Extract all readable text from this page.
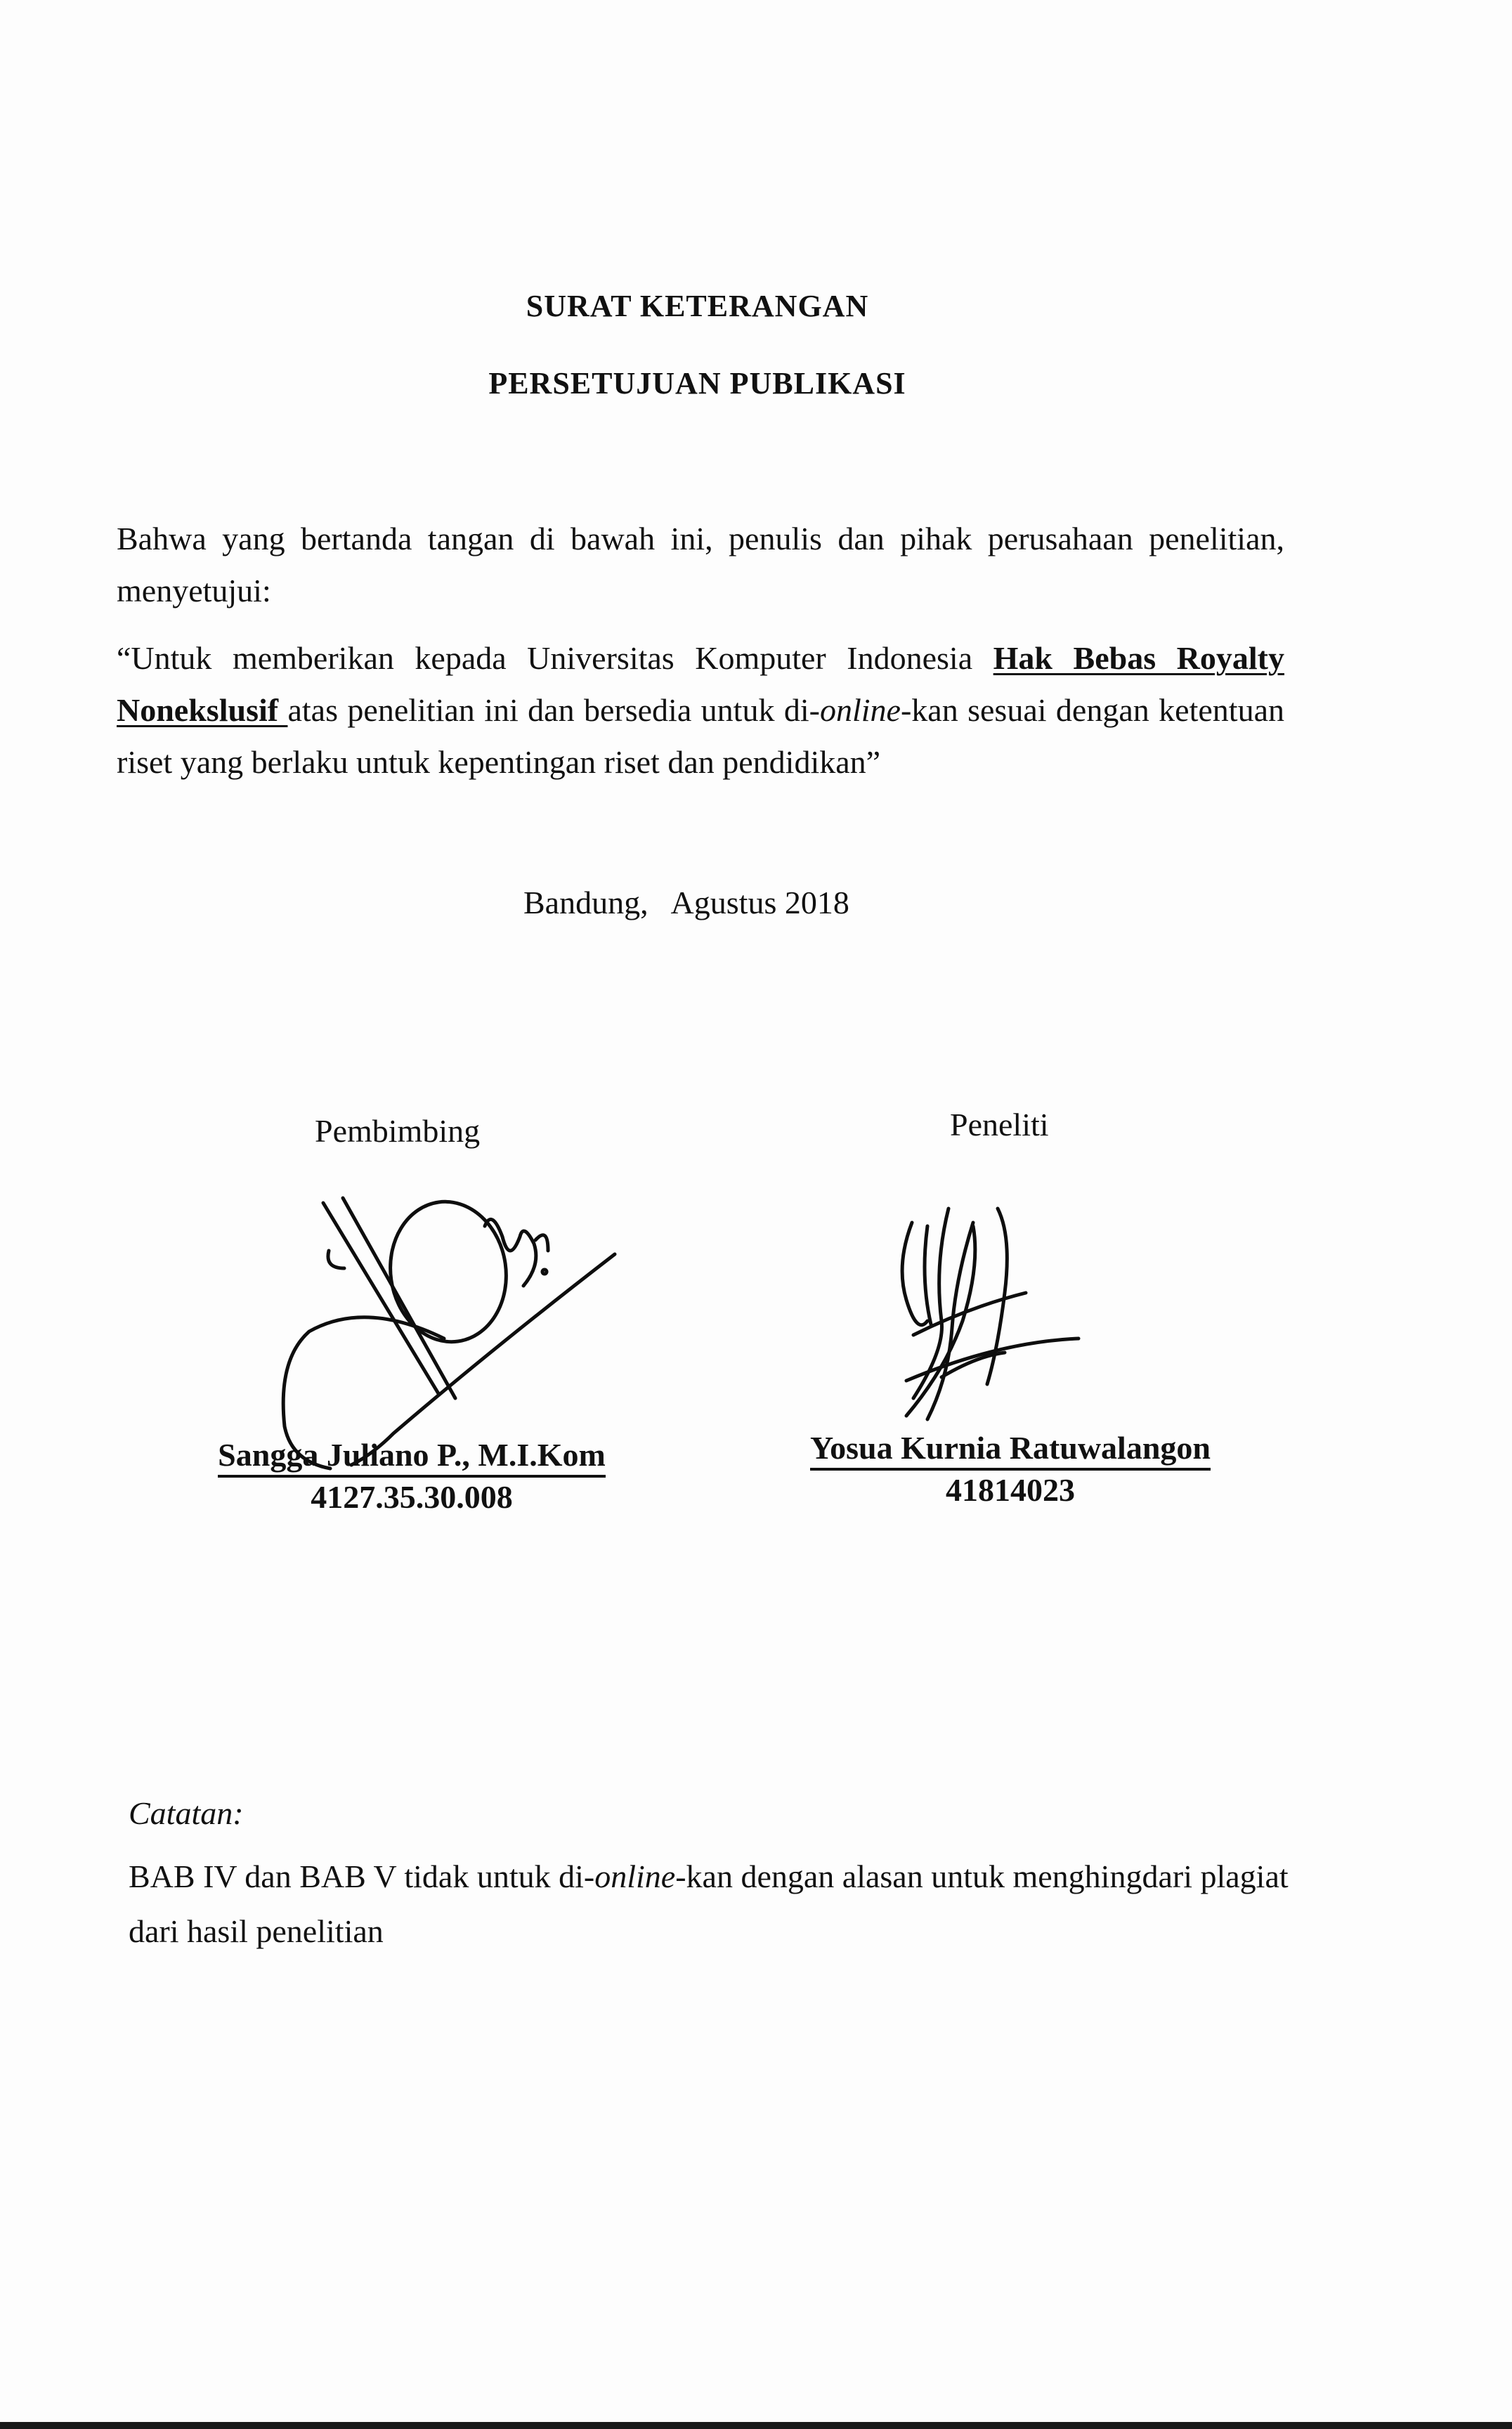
SURAT KETERANGAN

PERSETUJUAN PUBLIKASI

Bahwa yang bertanda tangan di bawah ini, penulis dan pihak perusahaan penelitian, menyetujui:

“Untuk memberikan kepada Universitas Komputer Indonesia Hak Bebas Royalty Nonekslusif atas penelitian ini dan bersedia untuk di-online-kan sesuai dengan ketentuan riset yang berlaku untuk kepentingan riset dan pendidikan”

Bandung,   Agustus 2018
Pembimbing	Peneliti
Sangga Juliano P., M.I.Kom
4127.35.30.008
Yosua Kurnia Ratuwalangon
41814023
Catatan:

BAB IV dan BAB V tidak untuk di-online-kan dengan alasan untuk menghingdari plagiat dari hasil penelitian
